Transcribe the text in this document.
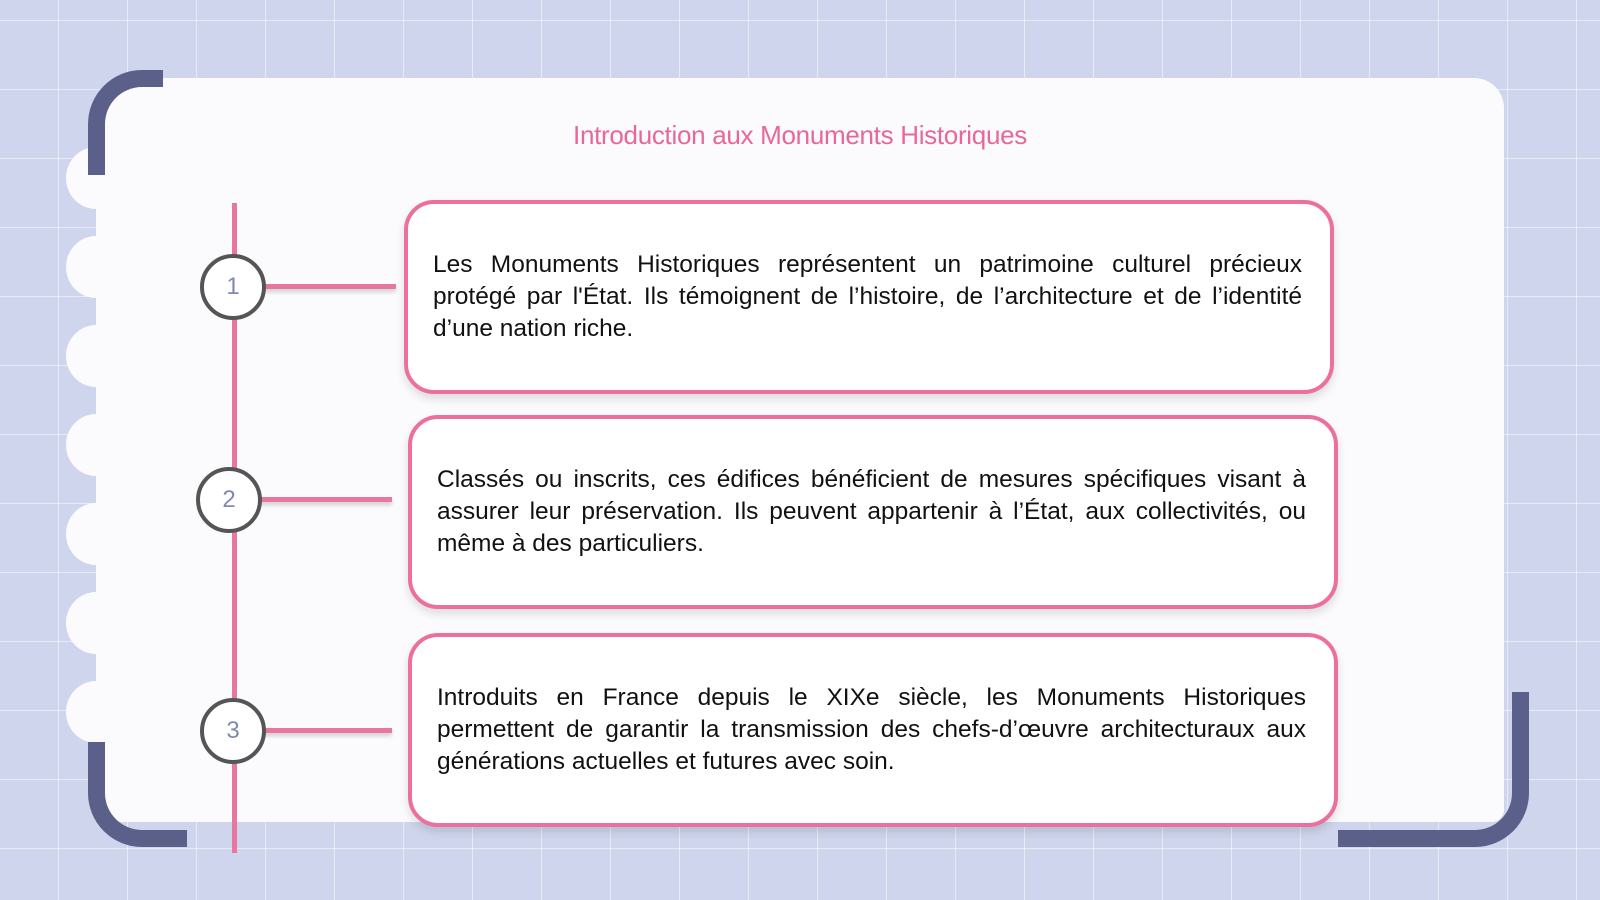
Introduction aux Monuments Historiques
1

Les Monuments Historiques représentent un patrimoine culturel précieux protégé par l'État. Ils témoignent de l’histoire, de l’architecture et de l’identité d’une nation riche.

2

Classés ou inscrits, ces édifices bénéficient de mesures spécifiques visant à assurer leur préservation. Ils peuvent appartenir à l’État, aux collectivités, ou même à des particuliers.

3

Introduits en France depuis le XIXe siècle, les Monuments Historiques permettent de garantir la transmission des chefs-d’œuvre architecturaux aux générations actuelles et futures avec soin.
